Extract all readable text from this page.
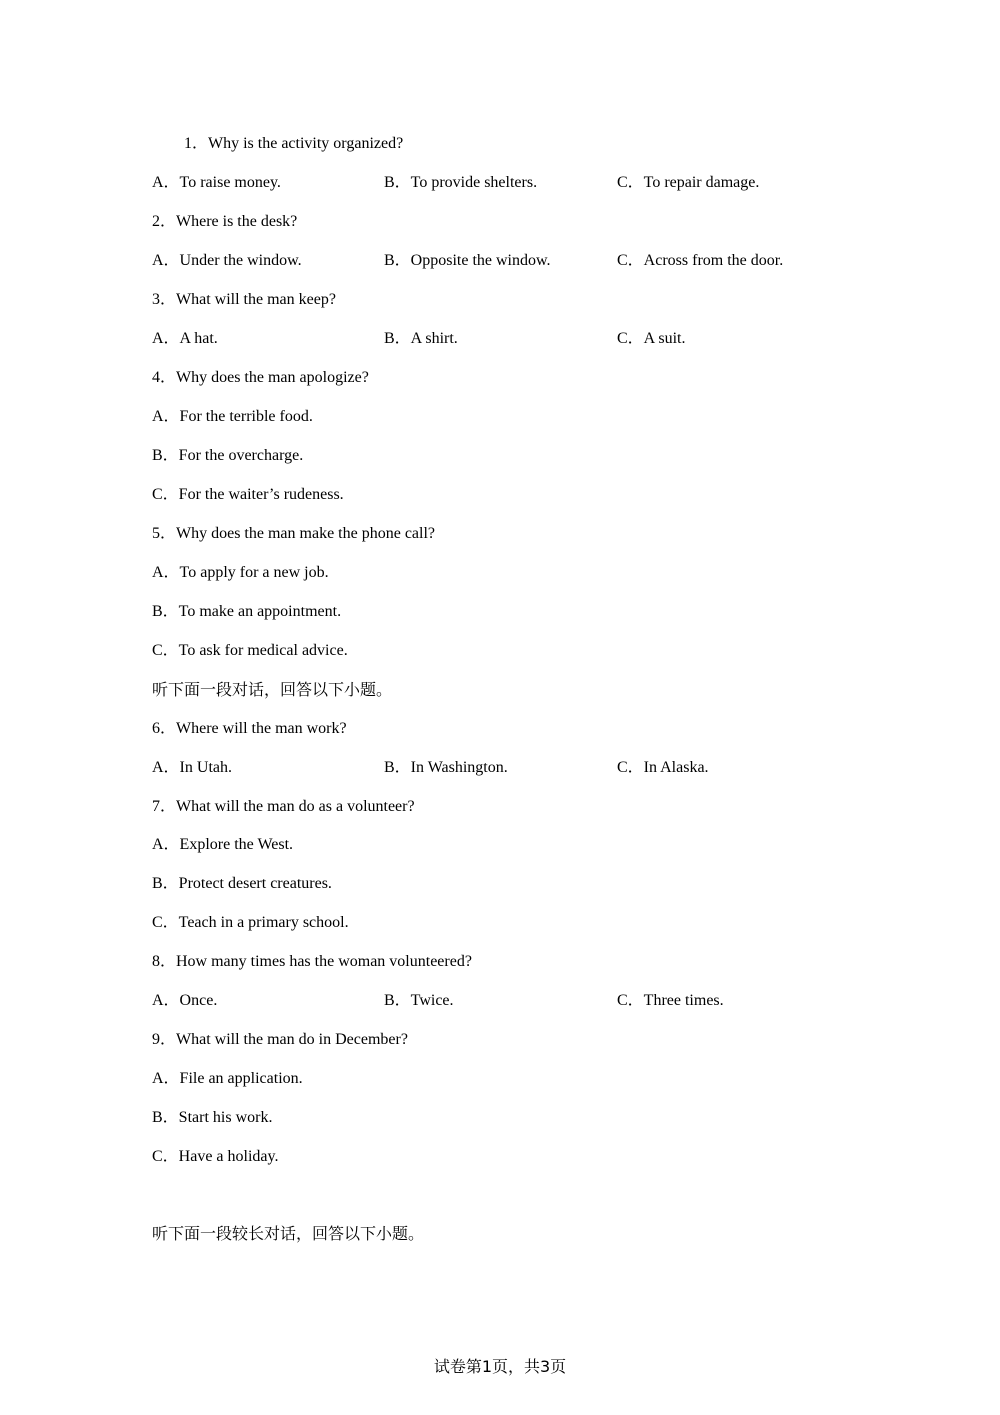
1．Why is the activity organized?
A．To raise money.	B．To provide shelters.	C．To repair damage.
2．Where is the desk?
A．Under the window.	B．Opposite the window.	C．Across from the door.
3．What will the man keep?
A．A hat.	B．A shirt.	C．A suit.
4．Why does the man apologize?
A．For the terrible food.
B．For the overcharge.
C．For the waiter’s rudeness.
5．Why does the man make the phone call?
A．To apply for a new job.
B．To make an appointment.
C．To ask for medical advice.
听下面一段对话，回答以下小题。
6．Where will the man work?
A．In Utah.	B．In Washington.	C．In Alaska.
7．What will the man do as a volunteer?
A．Explore the West.
B．Protect desert creatures.
C．Teach in a primary school.
8．How many times has the woman volunteered?
A．Once.	B．Twice.	C．Three times.
9．What will the man do in December?
A．File an application.
B．Start his work.
C．Have a holiday.
听下面一段较长对话，回答以下小题。
试卷第1页，共3页
